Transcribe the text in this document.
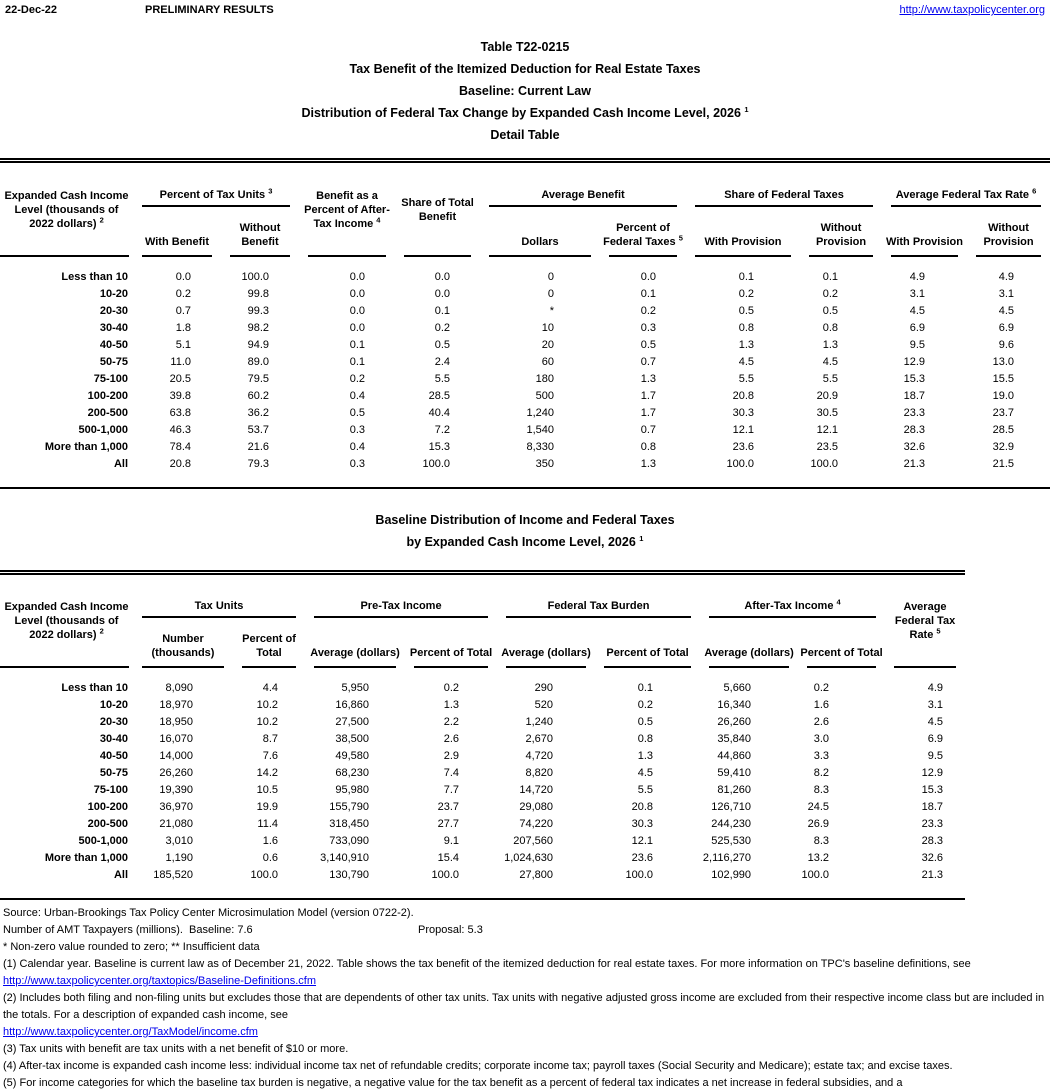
22-Dec-22	PRELIMINARY RESULTS	http://www.taxpolicycenter.org
Table T22-0215
Tax Benefit of the Itemized Deduction for Real Estate Taxes
Baseline: Current Law
Distribution of Federal Tax Change by Expanded Cash Income Level, 2026 $^1$
Detail Table
Expanded Cash Income Level (thousands of 2022 dollars) $^2$	Percent of Tax Units $^3$		Benefit as a Percent of After-Tax Income $^4$	Share of Total Benefit	Average Benefit		Share of Federal Taxes		Average Federal Tax Rate $^6$

	With Benefit	Without Benefit			Dollars	Percent of Federal Taxes $^5$	With Provision	Without Provision	With Provision	Without Provision

Less than 10	0.0	100.0	0.0	0.0	0	0.0	0.1	0.1	4.9	4.9
10-20	0.2	99.8	0.0	0.0	0	0.1	0.2	0.2	3.1	3.1
20-30	0.7	99.3	0.0	0.1	*	0.2	0.5	0.5	4.5	4.5
30-40	1.8	98.2	0.0	0.2	10	0.3	0.8	0.8	6.9	6.9
40-50	5.1	94.9	0.1	0.5	20	0.5	1.3	1.3	9.5	9.6
50-75	11.0	89.0	0.1	2.4	60	0.7	4.5	4.5	12.9	13.0
75-100	20.5	79.5	0.2	5.5	180	1.3	5.5	5.5	15.3	15.5
100-200	39.8	60.2	0.4	28.5	500	1.7	20.8	20.9	18.7	19.0
200-500	63.8	36.2	0.5	40.4	1,240	1.7	30.3	30.5	23.3	23.7
500-1,000	46.3	53.7	0.3	7.2	1,540	0.7	12.1	12.1	28.3	28.5
More than 1,000	78.4	21.6	0.4	15.3	8,330	0.8	23.6	23.5	32.6	32.9
All	20.8	79.3	0.3	100.0	350	1.3	100.0	100.0	21.3	21.5
Baseline Distribution of Income and Federal Taxes
by Expanded Cash Income Level, 2026 $^1$
Expanded Cash Income Level (thousands of 2022 dollars) $^2$	Tax Units		Pre-Tax Income		Federal Tax Burden		After-Tax Income $^4$		Average Federal Tax Rate $^5$

	Number (thousands)	Percent of Total	Average (dollars)	Percent of Total	Average (dollars)	Percent of Total	Average (dollars)	Percent of Total	

Less than 10	8,090	4.4	5,950	0.2	290	0.1	5,660	0.2	4.9
10-20	18,970	10.2	16,860	1.3	520	0.2	16,340	1.6	3.1
20-30	18,950	10.2	27,500	2.2	1,240	0.5	26,260	2.6	4.5
30-40	16,070	8.7	38,500	2.6	2,670	0.8	35,840	3.0	6.9
40-50	14,000	7.6	49,580	2.9	4,720	1.3	44,860	3.3	9.5
50-75	26,260	14.2	68,230	7.4	8,820	4.5	59,410	8.2	12.9
75-100	19,390	10.5	95,980	7.7	14,720	5.5	81,260	8.3	15.3
100-200	36,970	19.9	155,790	23.7	29,080	20.8	126,710	24.5	18.7
200-500	21,080	11.4	318,450	27.7	74,220	30.3	244,230	26.9	23.3
500-1,000	3,010	1.6	733,090	9.1	207,560	12.1	525,530	8.3	28.3
More than 1,000	1,190	0.6	3,140,910	15.4	1,024,630	23.6	2,116,270	13.2	32.6
All	185,520	100.0	130,790	100.0	27,800	100.0	102,990	100.0	21.3

Source: Urban-Brookings Tax Policy Center Microsimulation Model (version 0722-2).

Number of AMT Taxpayers (millions).  Baseline: 7.6	Proposal: 5.3

* Non-zero value rounded to zero; ** Insufficient data

(1) Calendar year. Baseline is current law as of December 21, 2022. Table shows the tax benefit of the itemized deduction for real estate taxes. For more information on TPC's baseline definitions, see

http://www.taxpolicycenter.org/taxtopics/Baseline-Definitions.cfm

(2) Includes both filing and non-filing units but excludes those that are dependents of other tax units. Tax units with negative adjusted gross income are excluded from their respective income class but are included in the totals. For a description of expanded cash income, see

http://www.taxpolicycenter.org/TaxModel/income.cfm

(3) Tax units with benefit are tax units with a net benefit of $10 or more.

(4) After-tax income is expanded cash income less: individual income tax net of refundable credits; corporate income tax; payroll taxes (Social Security and Medicare); estate tax; and excise taxes.

(5) For income categories for which the baseline tax burden is negative, a negative value for the tax benefit as a percent of federal tax indicates a net increase in federal subsidies, and a
